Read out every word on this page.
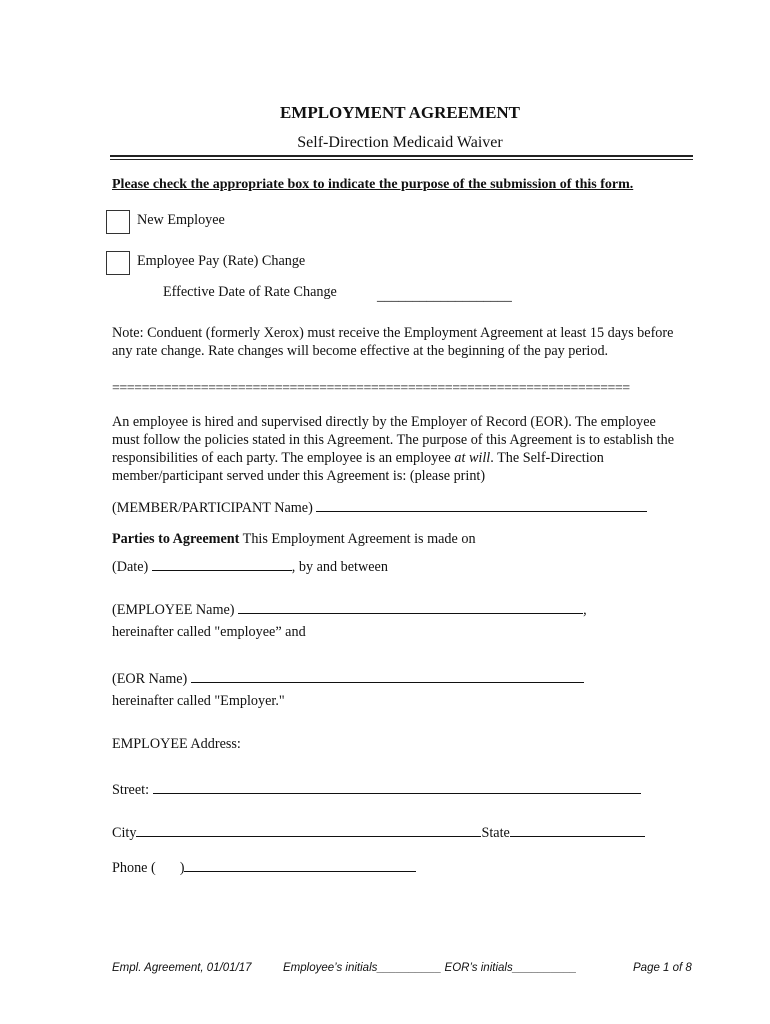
EMPLOYMENT AGREEMENT
Self-Direction Medicaid Waiver
Please check the appropriate box to indicate the purpose of the submission of this form.
New Employee
Employee Pay (Rate) Change
Effective Date of Rate Change	___________________
Note: Conduent (formerly Xerox) must receive the Employment Agreement at least 15 days before any rate change. Rate changes will become effective at the beginning of the pay period.
======================================================================
An employee is hired and supervised directly by the Employer of Record (EOR). The employee must follow the policies stated in this Agreement. The purpose of this Agreement is to establish the responsibilities of each party. The employee is an employee at will. The Self-Direction member/participant served under this Agreement is: (please print)
(MEMBER/PARTICIPANT Name)
Parties to Agreement This Employment Agreement is made on
(Date)	, by and between
(EMPLOYEE Name)	,
hereinafter called "employee” and
(EOR Name)
hereinafter called "Employer."
EMPLOYEE Address:
Street:
City	State
Phone ( )
Empl. Agreement, 01/01/17	Employee’s initials__________ EOR’s initials__________	Page 1 of 8
